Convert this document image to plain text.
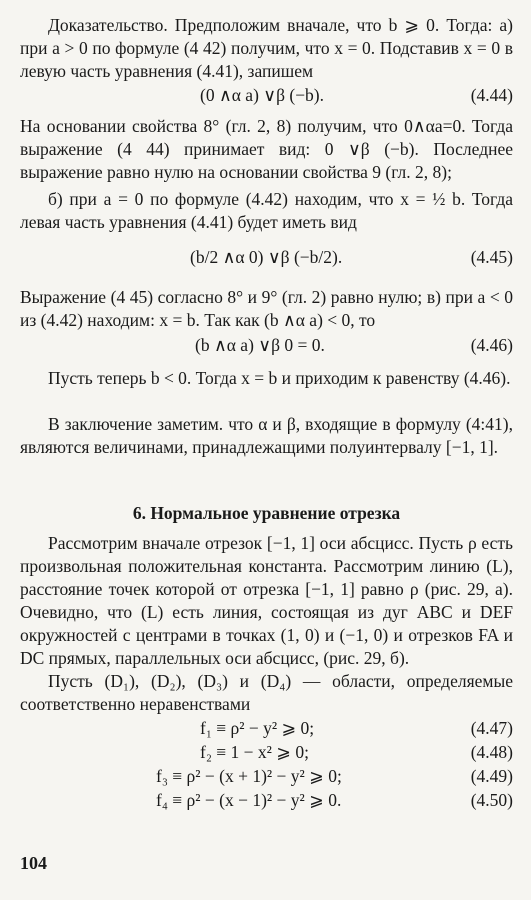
Доказательство. Предположим вначале, что b ⩾ 0. Тогда: а) при a > 0 по формуле (4 42) получим, что x = 0. Подставив x = 0 в левую часть уравнения (4.41), запишем

(0 ∧α a) ∨β (−b).	(4.44)

На основании свойства 8° (гл. 2, 8) получим, что 0∧αa=0. Тогда выражение (4 44) принимает вид: 0 ∨β (−b). Последнее выражение равно нулю на основании свойства 9 (гл. 2, 8);

б) при a = 0 по формуле (4.42) находим, что x = ½ b. Тогда левая часть уравнения (4.41) будет иметь вид

(b/2 ∧α 0) ∨β (−b/2).	(4.45)

Выражение (4 45) согласно 8° и 9° (гл. 2) равно нулю; в) при a < 0 из (4.42) находим: x = b. Так как (b ∧α a) < 0, то

(b ∧α a) ∨β 0 = 0.	(4.46)

Пусть теперь b < 0. Тогда x = b и приходим к равенству (4.46).

В заключение заметим. что α и β, входящие в формулу (4:41), являются величинами, принадлежащими полуинтервалу [−1, 1].

6. Нормальное уравнение отрезка

Рассмотрим вначале отрезок [−1, 1] оси абсцисс. Пусть ρ есть произвольная положительная константа. Рассмотрим линию (L), расстояние точек которой от отрезка [−1, 1] равно ρ (рис. 29, а). Очевидно, что (L) есть линия, состоящая из дуг ABC и DEF окружностей с центрами в точках (1, 0) и (−1, 0) и отрезков FA и DC прямых, параллельных оси абсцисс, (рис. 29, б).

Пусть (D₁), (D₂), (D₃) и (D₄) — области, определяемые соответственно неравенствами

f₁ ≡ ρ² − y² ⩾ 0;	(4.47)
f₂ ≡ 1 − x² ⩾ 0;	(4.48)
f₃ ≡ ρ² − (x + 1)² − y² ⩾ 0;	(4.49)
f₄ ≡ ρ² − (x − 1)² − y² ⩾ 0.	(4.50)
104
